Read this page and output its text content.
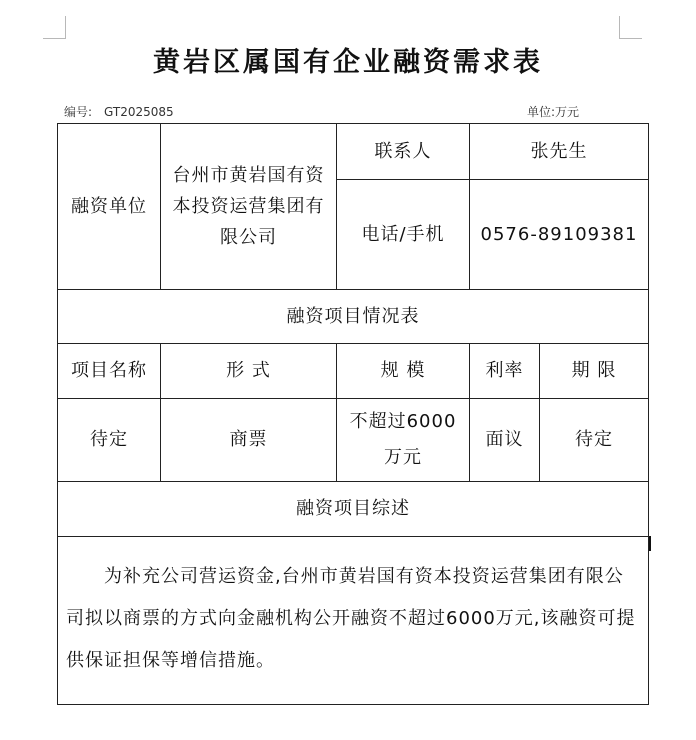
黄岩区属国有企业融资需求表
编号: GT2025085	单位:万元
融资单位	台州市黄岩国有资本投资运营集团有限公司	联系人	张先生	
		电话/手机	0576-89109381	
融资项目情况表				
项目名称	形 式	规 模	利率	期 限
待定	商票	不超过6000万元	面议	待定
融资项目综述				
为补充公司营运资金,台州市黄岩国有资本投资运营集团有限公司拟以商票的方式向金融机构公开融资不超过6000万元,该融资可提供保证担保等增信措施。				
